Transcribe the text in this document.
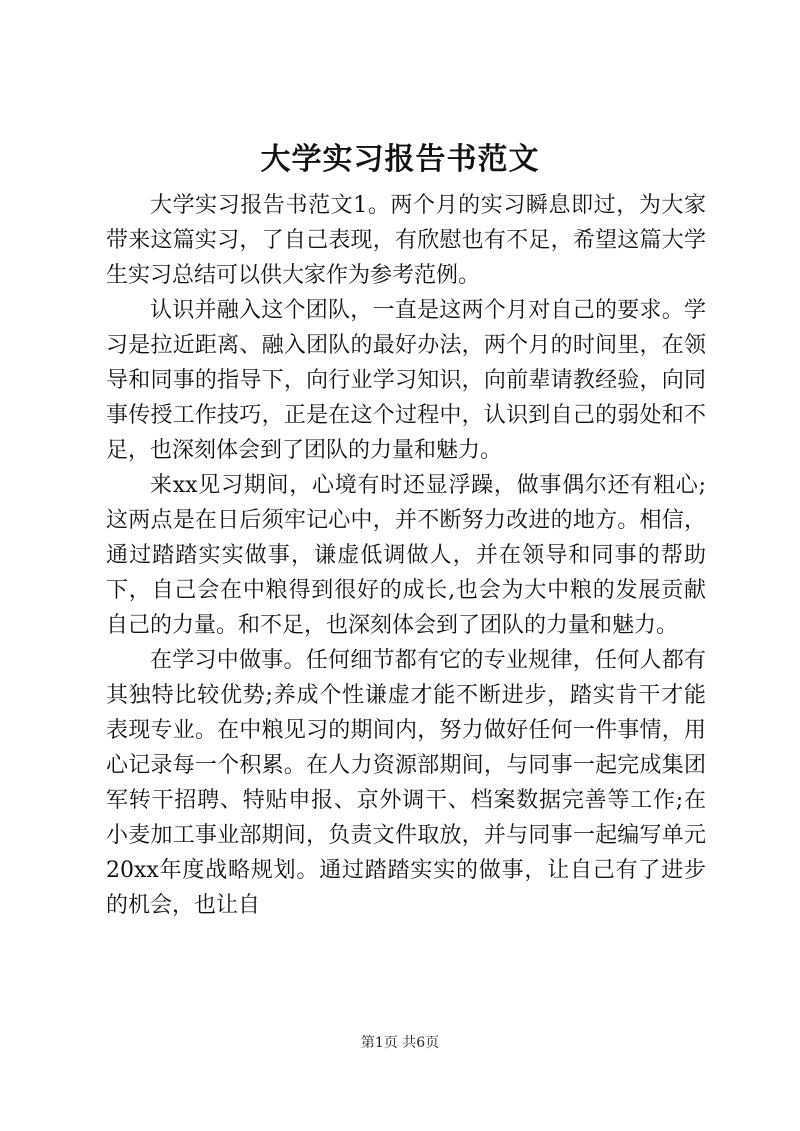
大学实习报告书范文

大学实习报告书范文1。两个月的实习瞬息即过，为大家带来这篇实习，了自己表现，有欣慰也有不足，希望这篇大学生实习总结可以供大家作为参考范例。

认识并融入这个团队，一直是这两个月对自己的要求。学习是拉近距离、融入团队的最好办法，两个月的时间里，在领导和同事的指导下，向行业学习知识，向前辈请教经验，向同事传授工作技巧，正是在这个过程中，认识到自己的弱处和不足，也深刻体会到了团队的力量和魅力。

来xx见习期间，心境有时还显浮躁，做事偶尔还有粗心;这两点是在日后须牢记心中，并不断努力改进的地方。相信，通过踏踏实实做事，谦虚低调做人，并在领导和同事的帮助下，自己会在中粮得到很好的成长,也会为大中粮的发展贡献自己的力量。和不足，也深刻体会到了团队的力量和魅力。

在学习中做事。任何细节都有它的专业规律，任何人都有其独特比较优势;养成个性谦虚才能不断进步，踏实肯干才能表现专业。在中粮见习的期间内，努力做好任何一件事情，用心记录每一个积累。在人力资源部期间，与同事一起完成集团军转干招聘、特贴申报、京外调干、档案数据完善等工作;在小麦加工事业部期间，负责文件取放，并与同事一起编写单元20xx年度战略规划。通过踏踏实实的做事，让自己有了进步的机会，也让自

第1页 共6页
